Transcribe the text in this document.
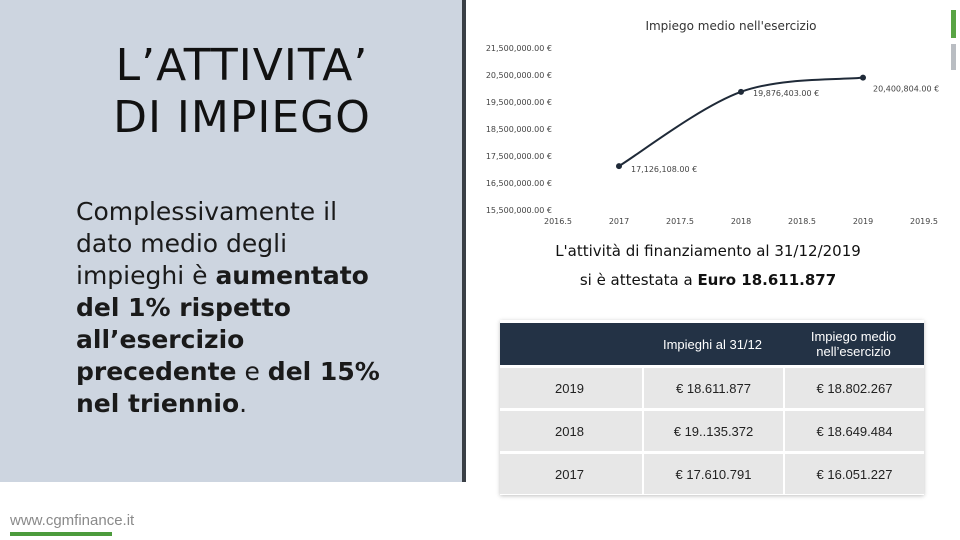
L’ATTIVITA’
DI IMPIEGO
Complessivamente il dato medio degli impieghi è aumentato del 1% rispetto all’esercizio precedente e del 15% nel triennio.
www.cgmfinance.it
Impiego medio nell'esercizio
21,500,000.00 €
20,500,000.00 €
19,500,000.00 €
18,500,000.00 €
17,500,000.00 €
16,500,000.00 €
15,500,000.00 €
2016.5	2017	2017.5	2018	2018.5	2019	2019.5
17,126,108.00 €
19,876,403.00 €	20,400,804.00 €
L'attività di finanziamento al 31/12/2019
si è attestata a Euro 18.611.877
	Impieghi al 31/12	Impiego medio nell’esercizio
2019	€ 18.611.877	€ 18.802.267
2018	€ 19..135.372	€ 18.649.484
2017	€ 17.610.791	€ 16.051.227
